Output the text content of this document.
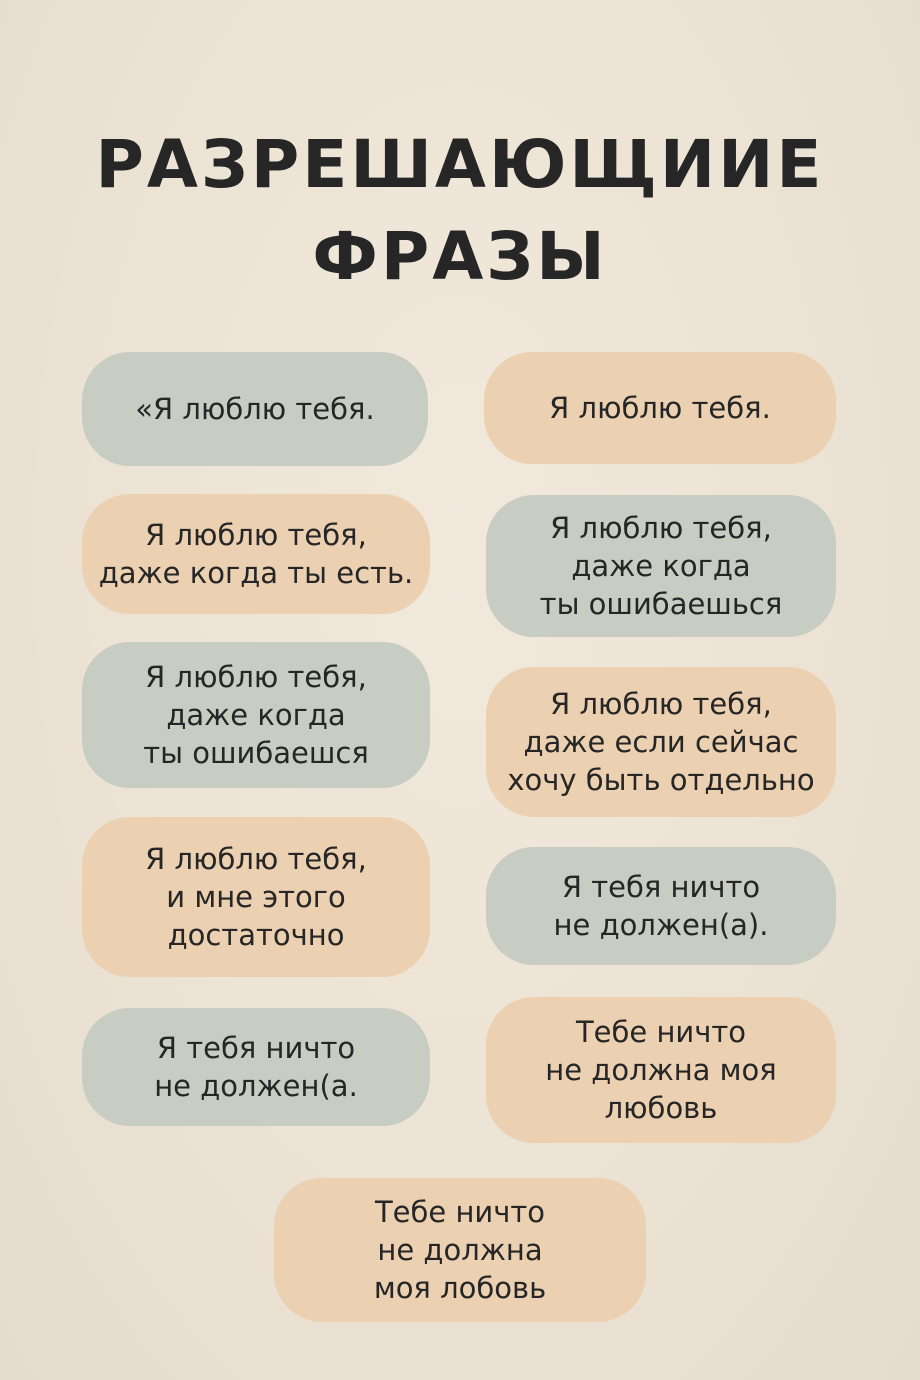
РАЗРЕШАЮЩИИЕ
ФРАЗЫ

«Я люблю тебя.	Я люблю тебя.

Я люблю тебя,
даже когда ты есть.

Я люблю тебя,
даже когда
ты ошибаешься

Я люблю тебя,
даже когда
ты ошибаешся

Я люблю тебя,
даже если сейчас
хочу быть отдельно

Я люблю тебя,
и мне этого
достаточно

Я тебя ничто
не должен(а).

Я тебя ничто
не должен(а.

Тебе ничто
не должна моя
любовь

Тебе ничто
не должна
моя лобовь
